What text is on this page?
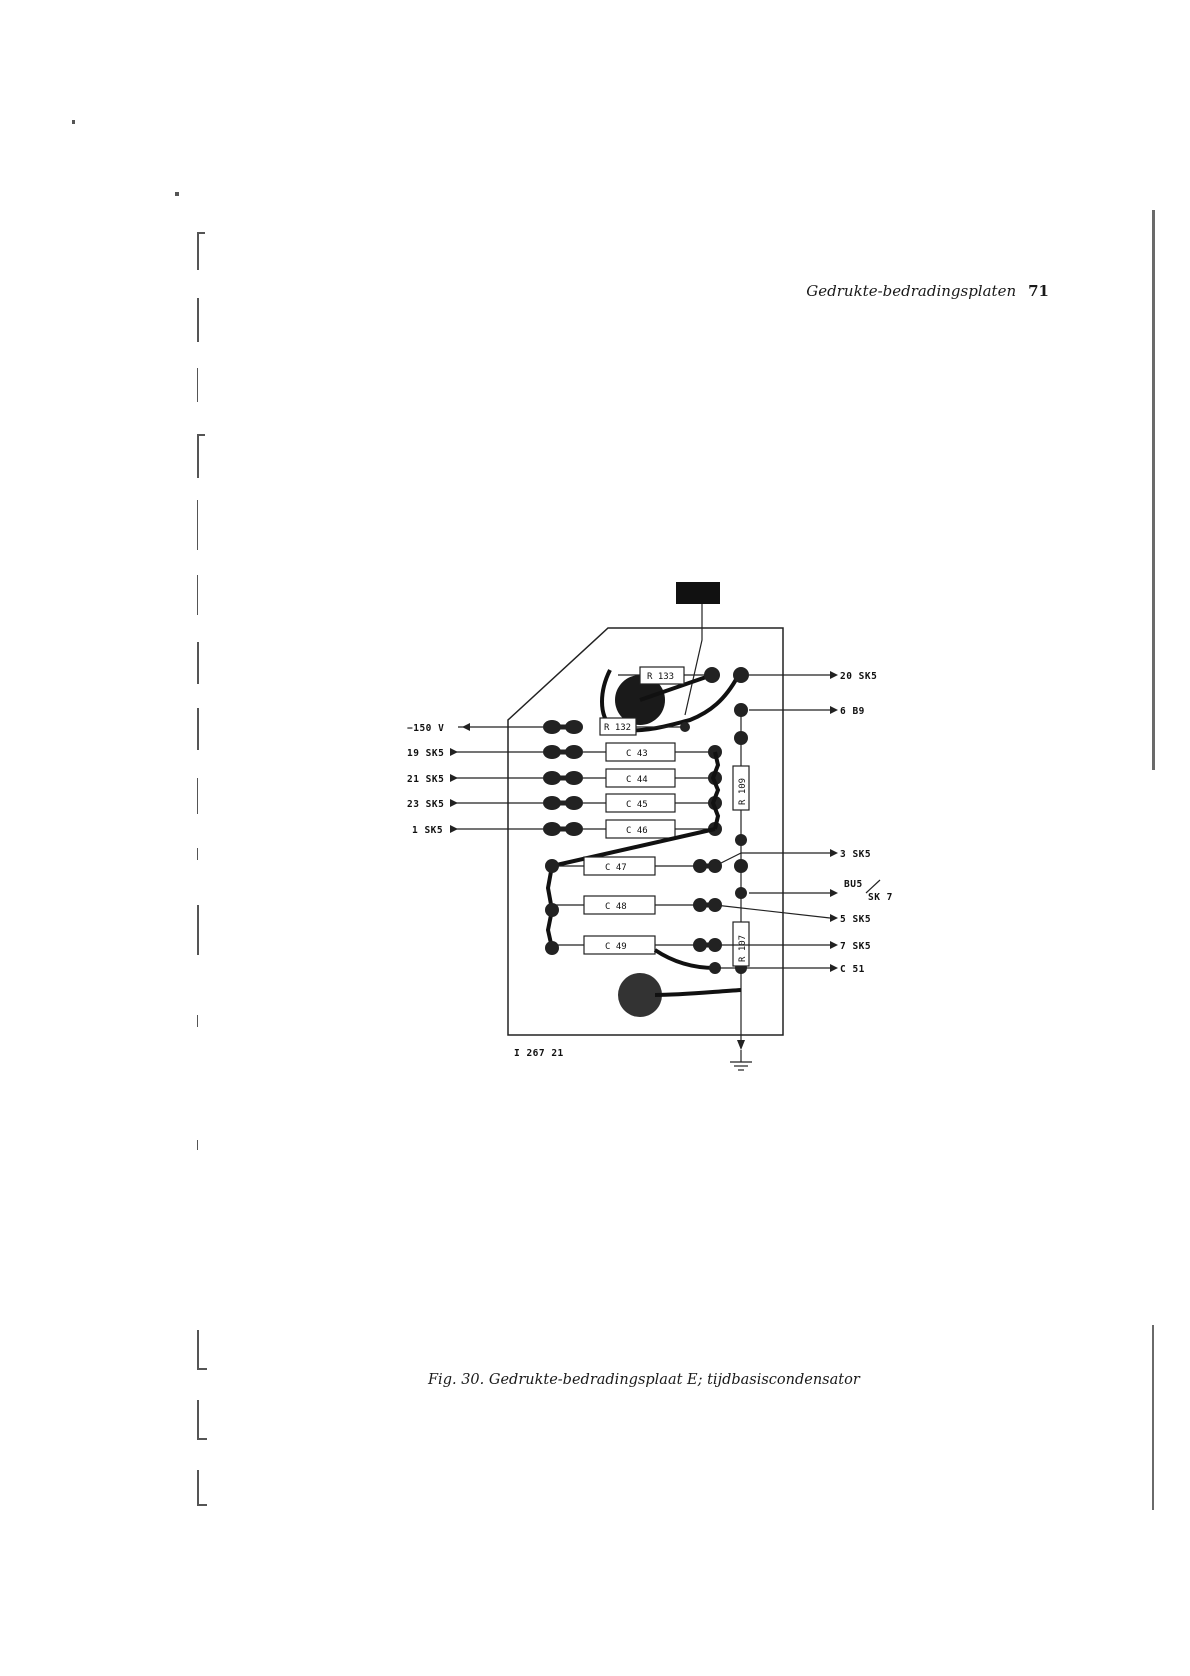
Gedrukte-bedradingsplaten 71
R 133
R 132
−150 V
19 SK5
21 SK5
23 SK5
1 SK5
C 43
C 44
C 45
C 46
C 47
C 48
C 49
R 109
R 107
20 SK5
6 B9
3 SK5
BU5
SK 7
5 SK5
7 SK5
C 51
I 267 21
Fig. 30. Gedrukte-bedradingsplaat E; tijdbasiscondensator
